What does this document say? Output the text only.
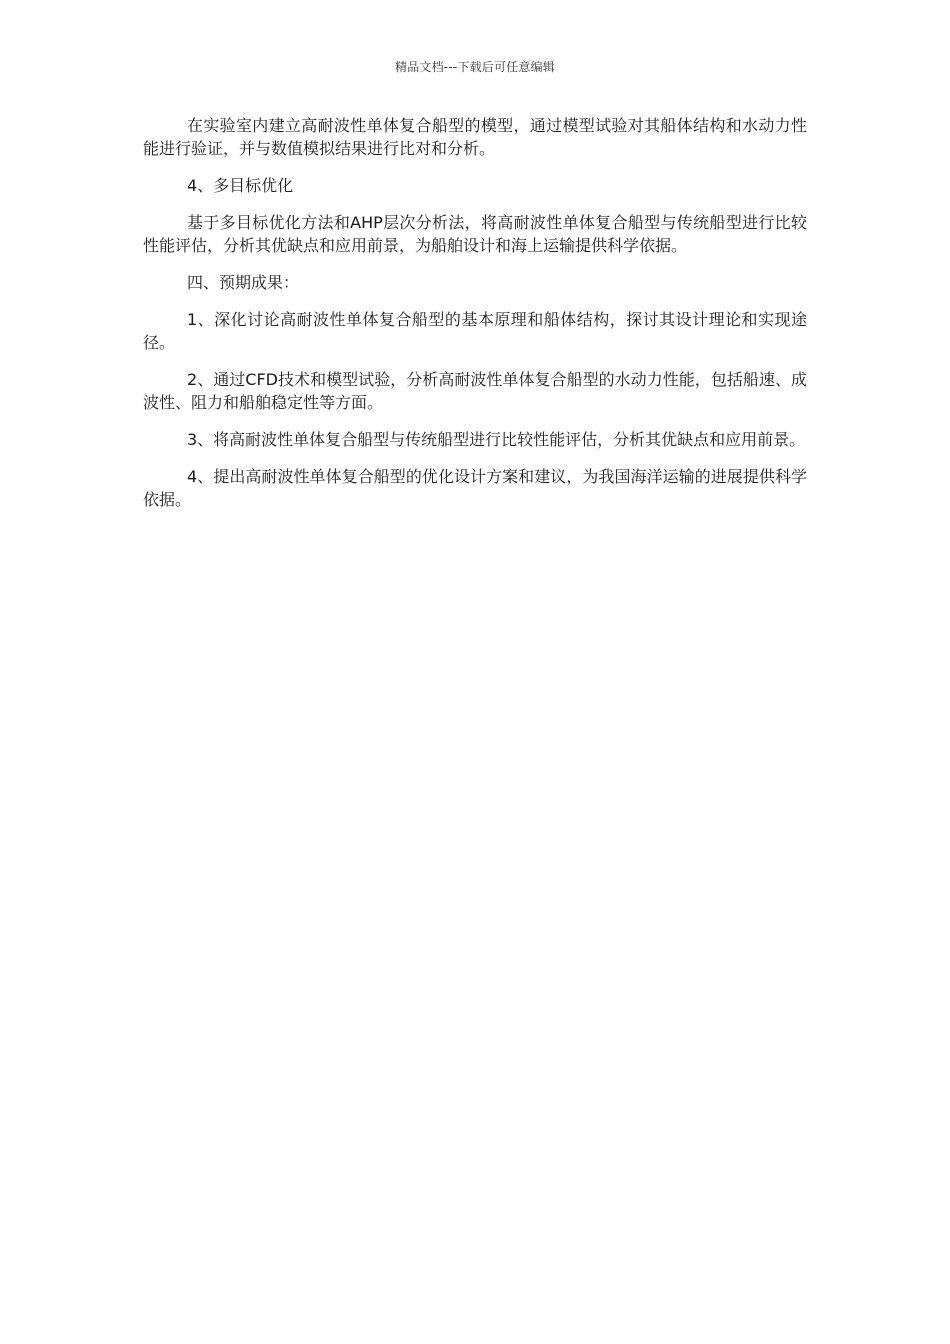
精品文档---下载后可任意编辑

在实验室内建立高耐波性单体复合船型的模型，通过模型试验对其船体结构和水动力性能进行验证，并与数值模拟结果进行比对和分析。

4、多目标优化

基于多目标优化方法和AHP层次分析法，将高耐波性单体复合船型与传统船型进行比较性能评估，分析其优缺点和应用前景，为船舶设计和海上运输提供科学依据。

四、预期成果：

1、深化讨论高耐波性单体复合船型的基本原理和船体结构，探讨其设计理论和实现途径。

2、通过CFD技术和模型试验，分析高耐波性单体复合船型的水动力性能，包括船速、成波性、阻力和船舶稳定性等方面。

3、将高耐波性单体复合船型与传统船型进行比较性能评估，分析其优缺点和应用前景。

4、提出高耐波性单体复合船型的优化设计方案和建议，为我国海洋运输的进展提供科学依据。
